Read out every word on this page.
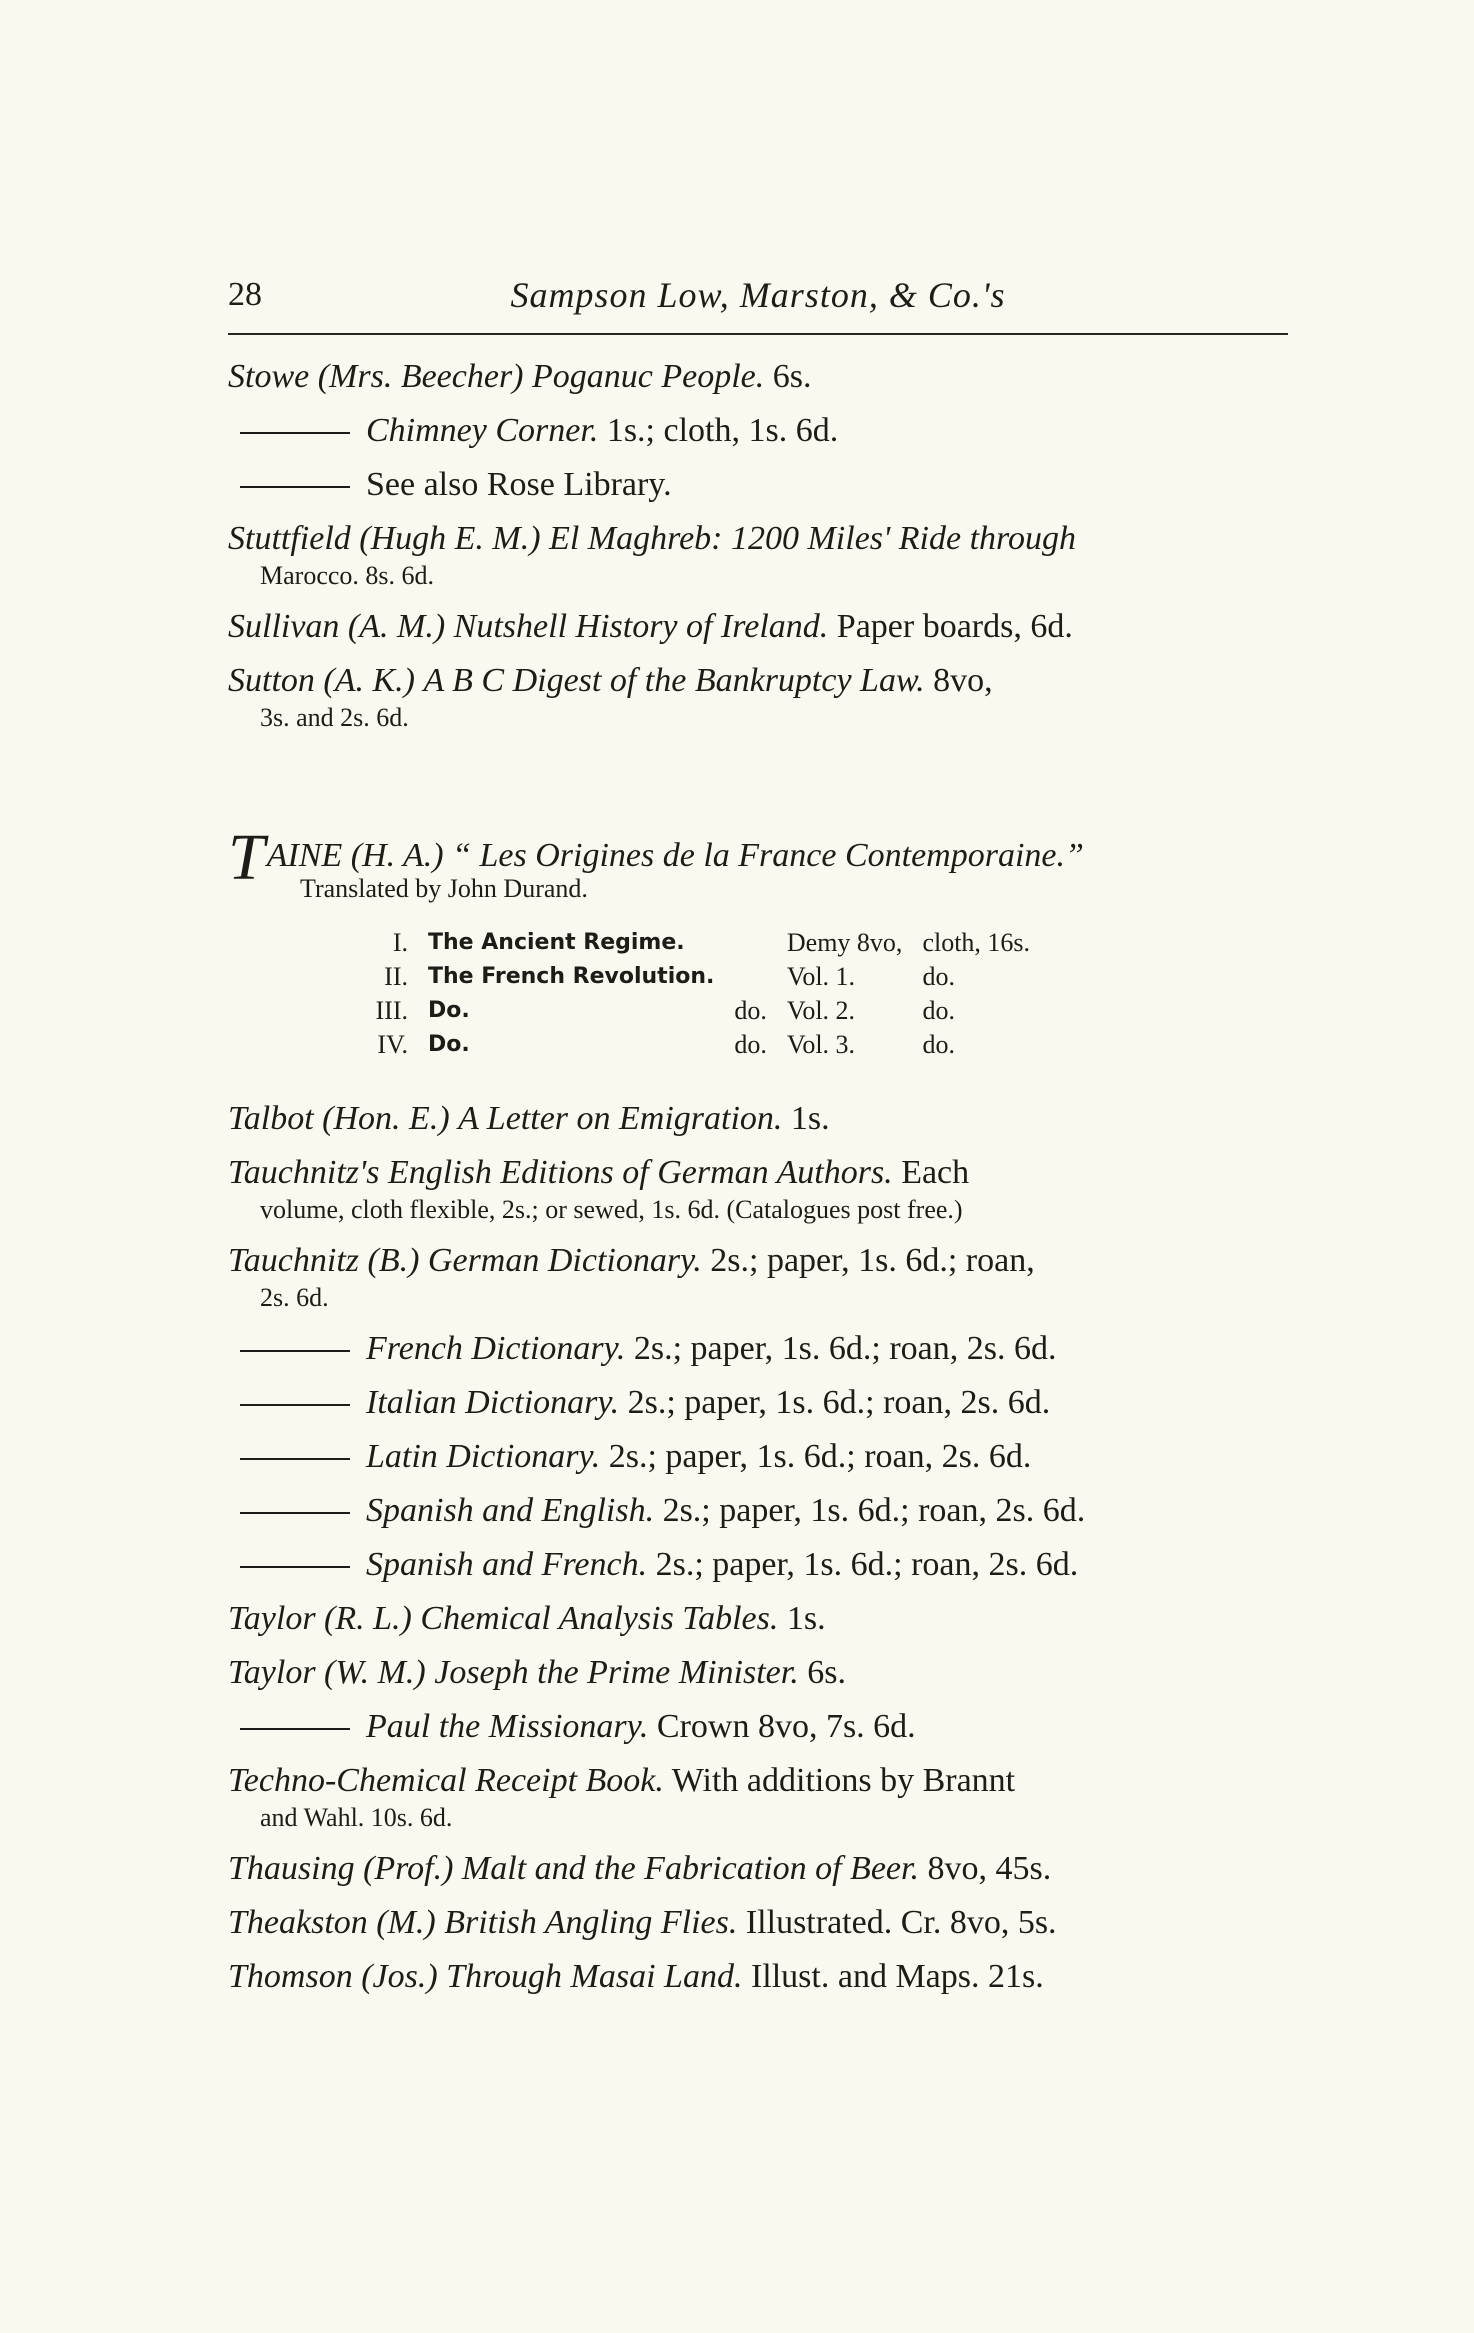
28	Sampson Low, Marston, & Co.'s
Stowe (Mrs. Beecher) Poganuc People. 6s.
Chimney Corner. 1s.; cloth, 1s. 6d.
See also Rose Library.
Stuttfield (Hugh E. M.) El Maghreb: 1200 Miles' Ride through
Marocco. 8s. 6d.
Sullivan (A. M.) Nutshell History of Ireland. Paper boards, 6d.
Sutton (A. K.) A B C Digest of the Bankruptcy Law. 8vo,
3s. and 2s. 6d.
TAINE (H. A.) “ Les Origines de la France Contemporaine.”
Translated by John Durand.
I.	The Ancient Regime.		Demy 8vo,	cloth, 16s.
II.	The French Revolution.		Vol. 1.	do.
III.	Do.	do.	Vol. 2.	do.
IV.	Do.	do.	Vol. 3.	do.
Talbot (Hon. E.) A Letter on Emigration. 1s.
Tauchnitz's English Editions of German Authors. Each
volume, cloth flexible, 2s.; or sewed, 1s. 6d. (Catalogues post free.)
Tauchnitz (B.) German Dictionary. 2s.; paper, 1s. 6d.; roan,
2s. 6d.
French Dictionary. 2s.; paper, 1s. 6d.; roan, 2s. 6d.
Italian Dictionary. 2s.; paper, 1s. 6d.; roan, 2s. 6d.
Latin Dictionary. 2s.; paper, 1s. 6d.; roan, 2s. 6d.
Spanish and English. 2s.; paper, 1s. 6d.; roan, 2s. 6d.
Spanish and French. 2s.; paper, 1s. 6d.; roan, 2s. 6d.
Taylor (R. L.) Chemical Analysis Tables. 1s.
Taylor (W. M.) Joseph the Prime Minister. 6s.
Paul the Missionary. Crown 8vo, 7s. 6d.
Techno-Chemical Receipt Book. With additions by Brannt
and Wahl. 10s. 6d.
Thausing (Prof.) Malt and the Fabrication of Beer. 8vo, 45s.
Theakston (M.) British Angling Flies. Illustrated. Cr. 8vo, 5s.
Thomson (Jos.) Through Masai Land. Illust. and Maps. 21s.
